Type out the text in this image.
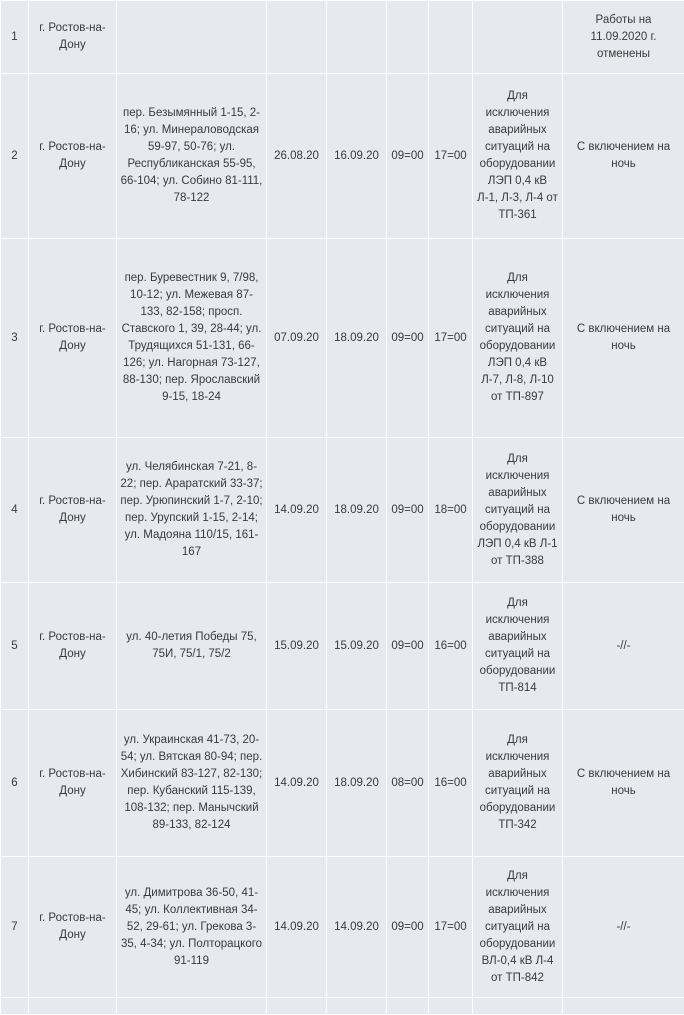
1	г. Ростов-на-Дону							Работы на 11.09.2020 г. отменены
2	г. Ростов-на-Дону	пер. Безымянный 1-15, 2-16; ул. Минераловодская 59-97, 50-76; ул. Республиканская 55-95, 66-104; ул. Собино 81-111, 78-122	26.08.20	16.09.20	09=00	17=00	Для исключения аварийных ситуаций на оборудовании ЛЭП 0,4 кВ Л-1, Л-3, Л-4 от ТП-361	С включением на ночь
3	г. Ростов-на-Дону	пер. Буревестник 9, 7/98, 10-12; ул. Межевая 87-133, 82-158; просп. Ставского 1, 39, 28-44; ул. Трудящихся 51-131, 66-126; ул. Нагорная 73-127, 88-130; пер. Ярославский 9-15, 18-24	07.09.20	18.09.20	09=00	17=00	Для исключения аварийных ситуаций на оборудовании ЛЭП 0,4 кВ Л-7, Л-8, Л-10 от ТП-897	С включением на ночь
4	г. Ростов-на-Дону	ул. Челябинская 7-21, 8-22; пер. Араратский 33-37; пер. Урюпинский 1-7, 2-10; пер. Урупский 1-15, 2-14; ул. Мадояна 110/15, 161-167	14.09.20	18.09.20	09=00	18=00	Для исключения аварийных ситуаций на оборудовании ЛЭП 0,4 кВ Л-1 от ТП-388	С включением на ночь
5	г. Ростов-на-Дону	ул. 40-летия Победы 75, 75И, 75/1, 75/2	15.09.20	15.09.20	09=00	16=00	Для исключения аварийных ситуаций на оборудовании ТП-814	-//-
6	г. Ростов-на-Дону	ул. Украинская 41-73, 20-54; ул. Вятская 80-94; пер. Хибинский 83-127, 82-130; пер. Кубанский 115-139, 108-132; пер. Манычский 89-133, 82-124	14.09.20	18.09.20	08=00	16=00	Для исключения аварийных ситуаций на оборудовании ТП-342	С включением на ночь
7	г. Ростов-на-Дону	ул. Димитрова 36-50, 41-45; ул. Коллективная 34-52, 29-61; ул. Грекова 3-35, 4-34; ул. Полторацкого 91-119	14.09.20	14.09.20	09=00	17=00	Для исключения аварийных ситуаций на оборудовании ВЛ-0,4 кВ Л-4 от ТП-842	-//-
